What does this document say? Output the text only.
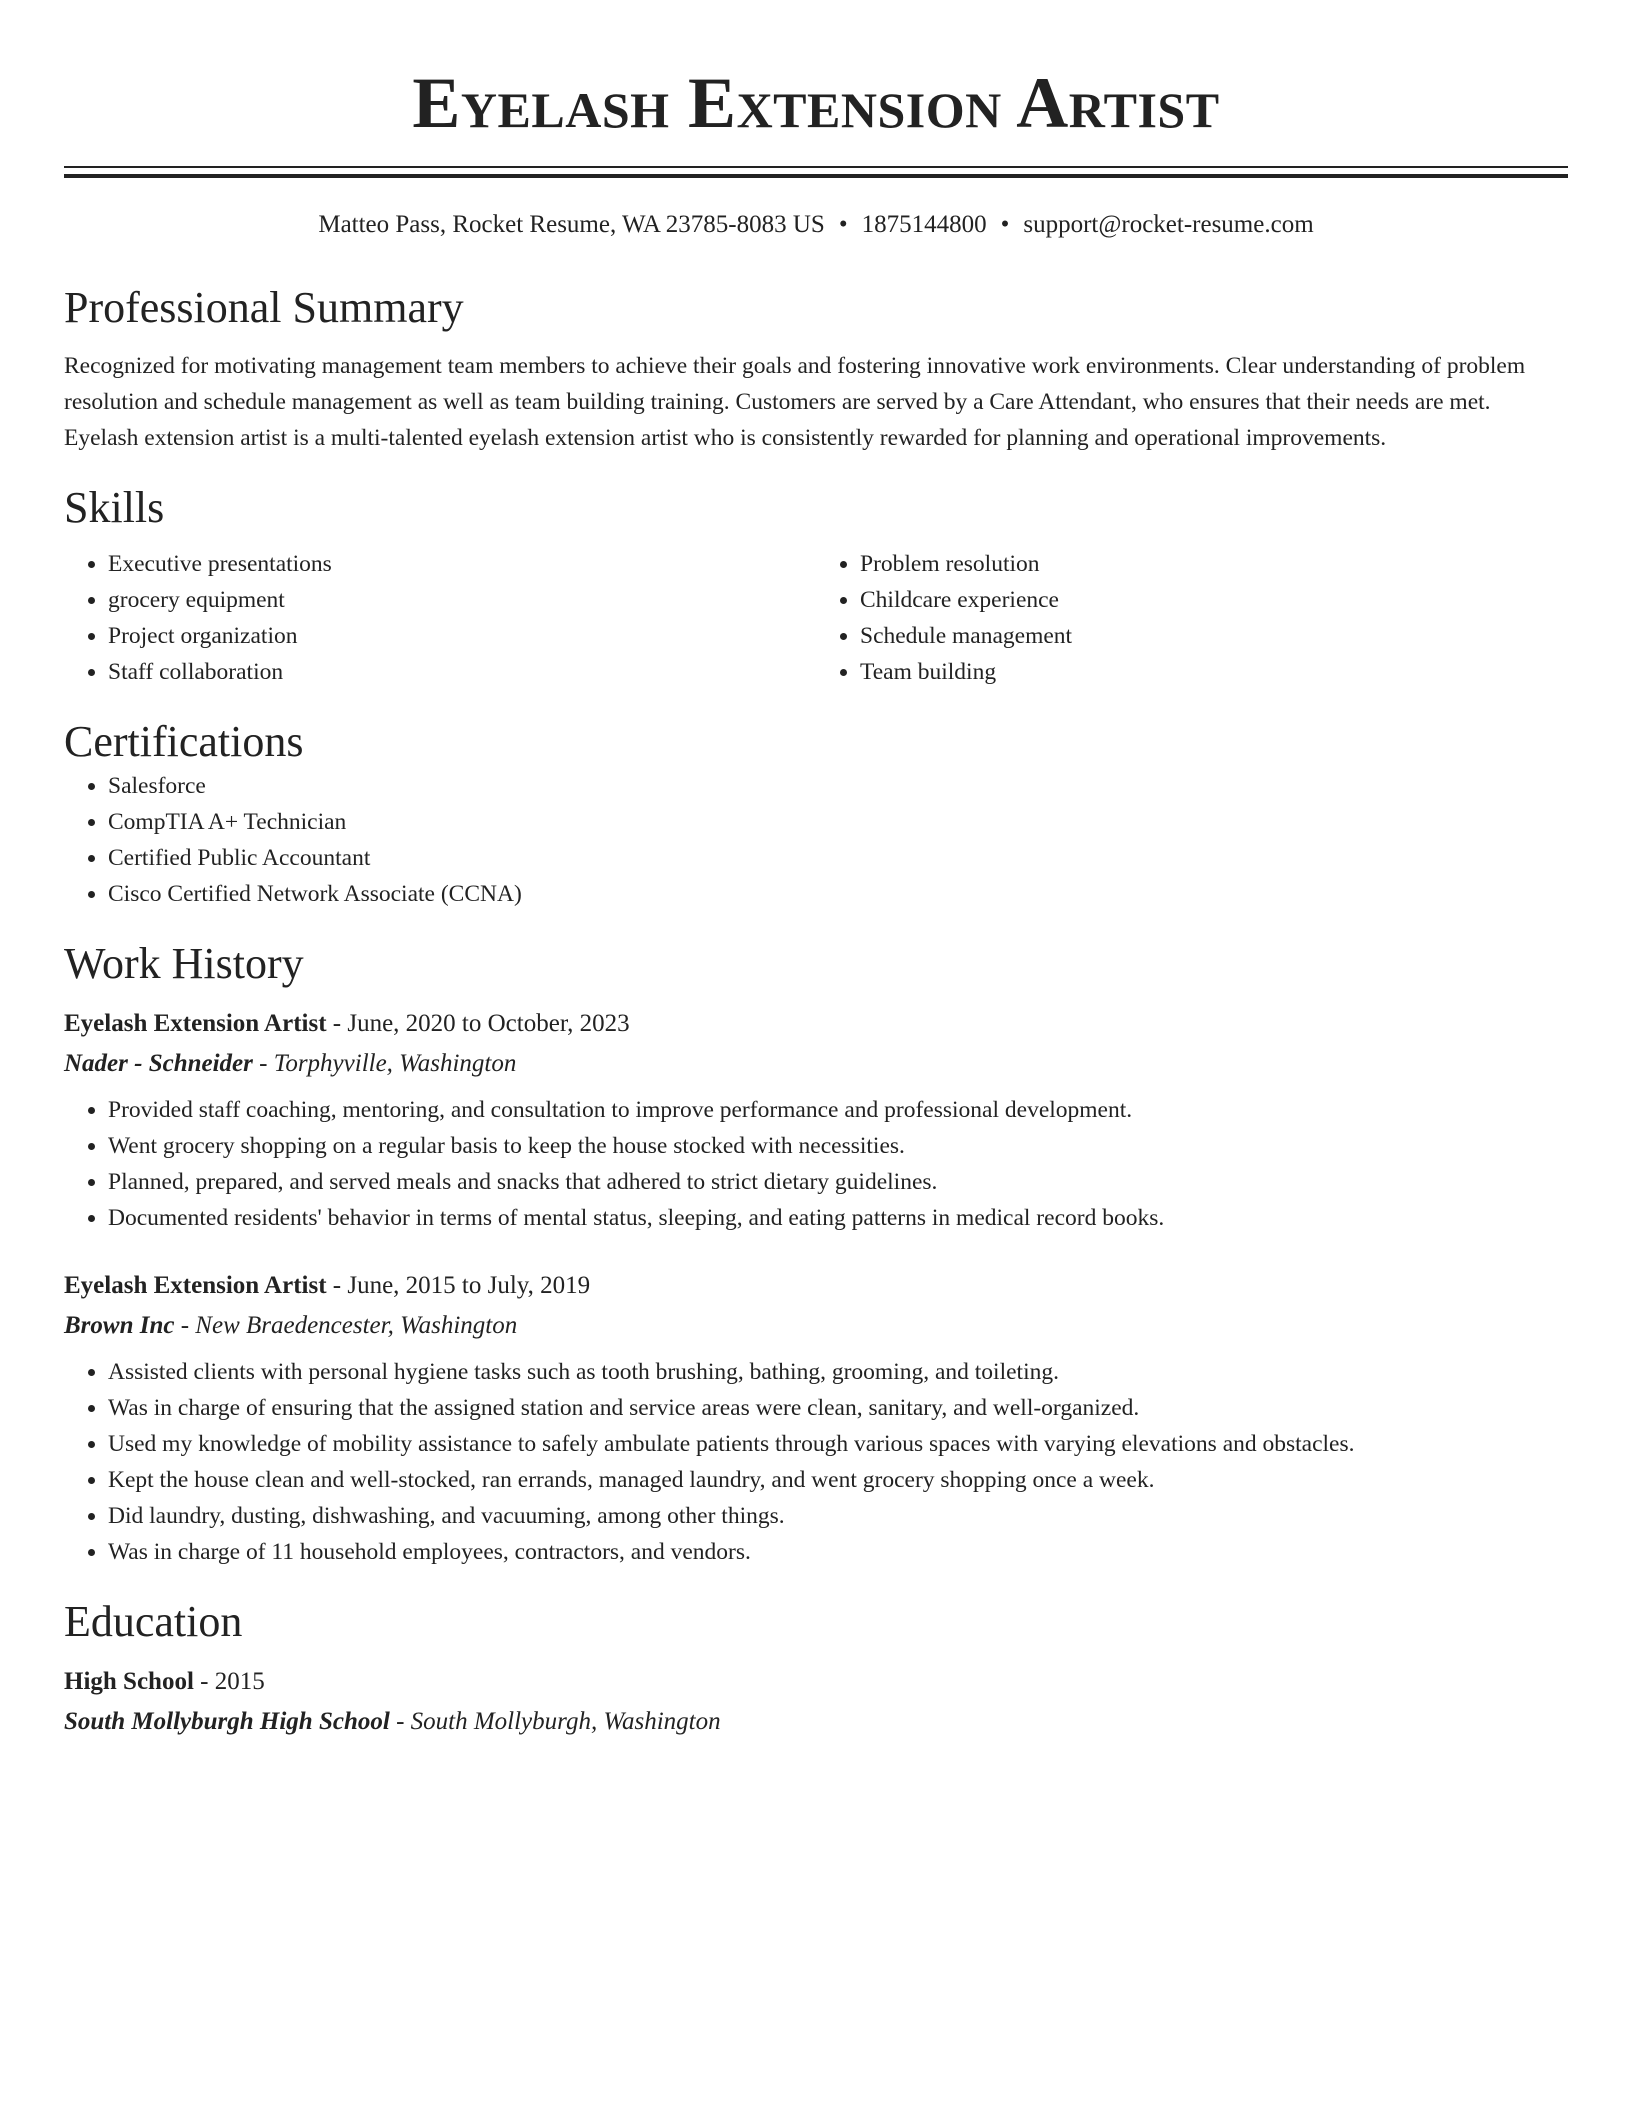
Eyelash Extension Artist
Matteo Pass, Rocket Resume, WA 23785-8083 US • 1875144800 • support@rocket-resume.com
Professional Summary

Recognized for motivating management team members to achieve their goals and fostering innovative work environments. Clear understanding of problem resolution and schedule management as well as team building training. Customers are served by a Care Attendant, who ensures that their needs are met. Eyelash extension artist is a multi-talented eyelash extension artist who is consistently rewarded for planning and operational improvements.

Skills
• Executive presentations
• grocery equipment
• Project organization
• Staff collaboration
• Problem resolution
• Childcare experience
• Schedule management
• Team building
Certifications
• Salesforce
• CompTIA A+ Technician
• Certified Public Accountant
• Cisco Certified Network Associate (CCNA)
Work History
Eyelash Extension Artist - June, 2020 to October, 2023
Nader - Schneider - Torphyville, Washington
• Provided staff coaching, mentoring, and consultation to improve performance and professional development.
• Went grocery shopping on a regular basis to keep the house stocked with necessities.
• Planned, prepared, and served meals and snacks that adhered to strict dietary guidelines.
• Documented residents' behavior in terms of mental status, sleeping, and eating patterns in medical record books.
Eyelash Extension Artist - June, 2015 to July, 2019
Brown Inc - New Braedencester, Washington
• Assisted clients with personal hygiene tasks such as tooth brushing, bathing, grooming, and toileting.
• Was in charge of ensuring that the assigned station and service areas were clean, sanitary, and well-organized.
• Used my knowledge of mobility assistance to safely ambulate patients through various spaces with varying elevations and obstacles.
• Kept the house clean and well-stocked, ran errands, managed laundry, and went grocery shopping once a week.
• Did laundry, dusting, dishwashing, and vacuuming, among other things.
• Was in charge of 11 household employees, contractors, and vendors.
Education
High School - 2015
South Mollyburgh High School - South Mollyburgh, Washington
